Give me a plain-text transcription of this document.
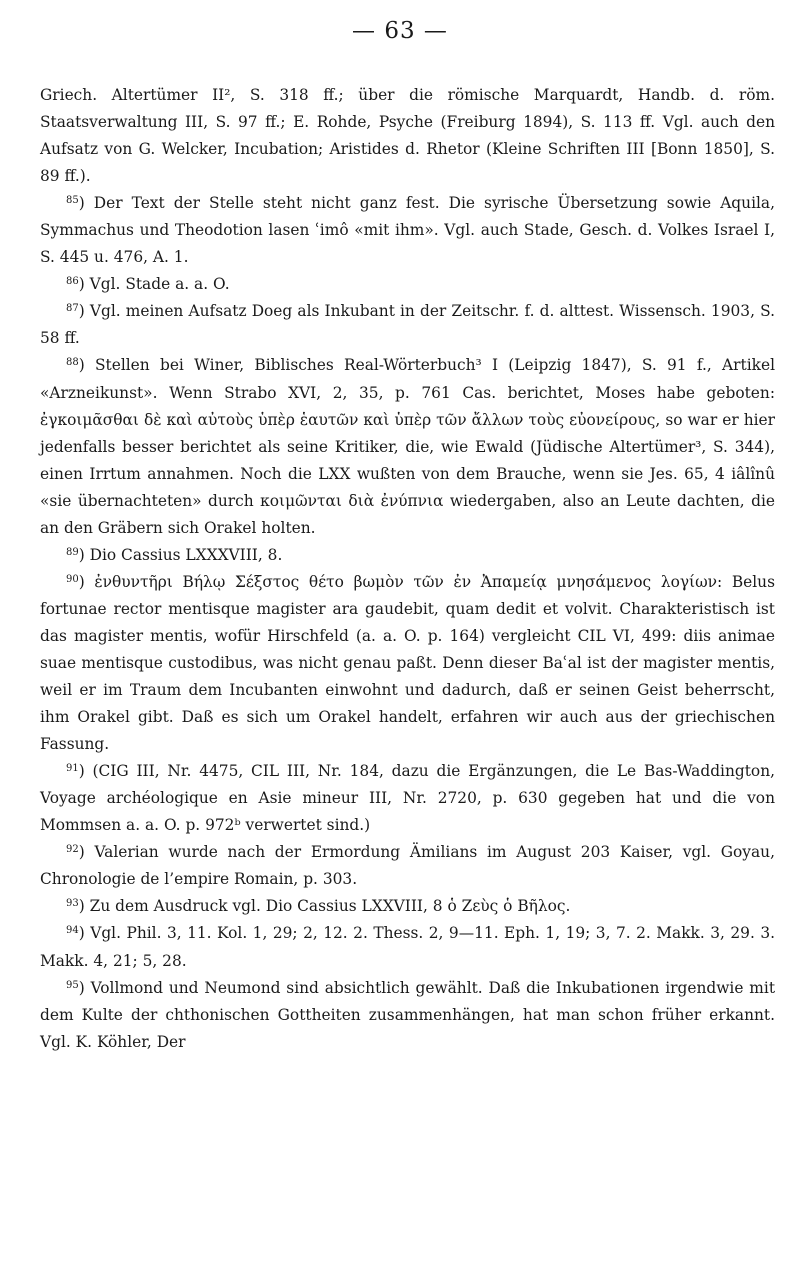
— 63 —

Griech. Altertümer II², S. 318 ff.; über die römische Marquardt, Handb. d. röm. Staatsverwaltung III, S. 97 ff.; E. Rohde, Psyche (Freiburg 1894), S. 113 ff. Vgl. auch den Aufsatz von G. Welcker, Incubation; Aristides d. Rhetor (Kleine Schriften III [Bonn 1850], S. 89 ff.).

$^{85}$) Der Text der Stelle steht nicht ganz fest. Die syrische Übersetzung sowie Aquila, Symmachus und Theodotion lasen ʿimô «mit ihm». Vgl. auch Stade, Gesch. d. Volkes Israel I, S. 445 u. 476, A. 1.

$^{86}$) Vgl. Stade a. a. O.

$^{87}$) Vgl. meinen Aufsatz Doeg als Inkubant in der Zeitschr. f. d. alttest. Wissensch. 1903, S. 58 ff.

$^{88}$) Stellen bei Winer, Biblisches Real-Wörterbuch³ I (Leipzig 1847), S. 91 f., Artikel «Arzneikunst». Wenn Strabo XVI, 2, 35, p. 761 Cas. berichtet, Moses habe geboten: ἐγκοιμᾶσθαι δὲ καὶ αὐτοὺς ὑπὲρ ἑαυτῶν καὶ ὑπὲρ τῶν ἄλλων τοὺς εὐονείρους, so war er hier jedenfalls besser berichtet als seine Kritiker, die, wie Ewald (Jüdische Altertümer³, S. 344), einen Irrtum annahmen. Noch die LXX wußten von dem Brauche, wenn sie Jes. 65, 4 iâlînû «sie übernachteten» durch κοιμῶνται διὰ ἐνύπνια wiedergaben, also an Leute dachten, die an den Gräbern sich Orakel holten.

$^{89}$) Dio Cassius LXXXVIII, 8.

$^{90}$) ἐνθυντῆρι Βήλῳ Σέξστος θέτο βωμὸν τῶν ἐν Ἀπαμείᾳ μνησάμενος λογίων: Belus fortunae rector mentisque magister ara gaudebit, quam dedit et volvit. Charakteristisch ist das magister mentis, wofür Hirschfeld (a. a. O. p. 164) vergleicht CIL VI, 499: diis animae suae mentisque custodibus, was nicht genau paßt. Denn dieser Baʿal ist der magister mentis, weil er im Traum dem Incubanten einwohnt und dadurch, daß er seinen Geist beherrscht, ihm Orakel gibt. Daß es sich um Orakel handelt, erfahren wir auch aus der griechischen Fassung.

$^{91}$) (CIG III, Nr. 4475, CIL III, Nr. 184, dazu die Ergänzungen, die Le Bas-Waddington, Voyage archéologique en Asie mineur III, Nr. 2720, p. 630 gegeben hat und die von Mommsen a. a. O. p. 972ᵇ verwertet sind.)

$^{92}$) Valerian wurde nach der Ermordung Ämilians im August 203 Kaiser, vgl. Goyau, Chronologie de l’empire Romain, p. 303.

$^{93}$) Zu dem Ausdruck vgl. Dio Cassius LXXVIII, 8 ὁ Ζεὺς ὁ Βῆλος.

$^{94}$) Vgl. Phil. 3, 11. Kol. 1, 29; 2, 12. 2. Thess. 2, 9—11. Eph. 1, 19; 3, 7. 2. Makk. 3, 29. 3. Makk. 4, 21; 5, 28.

$^{95}$) Vollmond und Neumond sind absichtlich gewählt. Daß die Inkubationen irgendwie mit dem Kulte der chthonischen Gottheiten zusammenhängen, hat man schon früher erkannt. Vgl. K. Köhler, Der
